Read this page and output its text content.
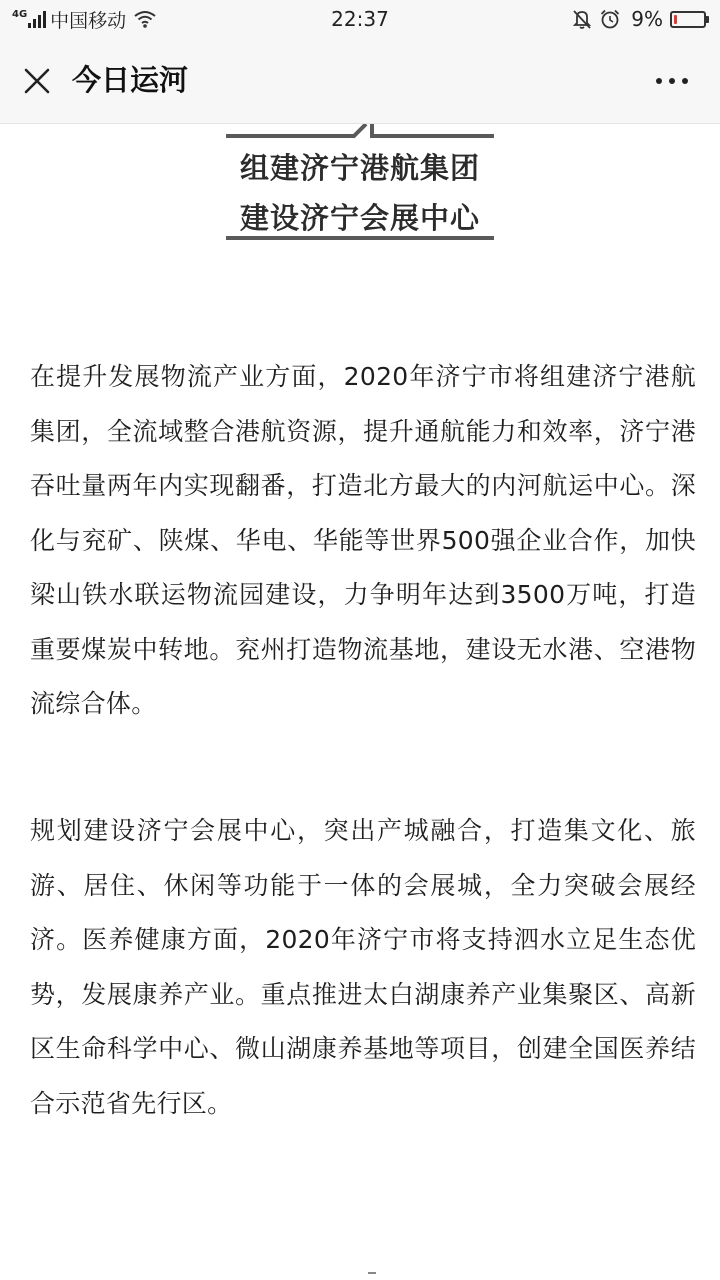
4G 中国移动	22:37	9%
今日运河
组建济宁港航集团
建设济宁会展中心

在提升发展物流产业方面，2020年济宁市将组建济宁港航集团，全流域整合港航资源，提升通航能力和效率，济宁港吞吐量两年内实现翻番，打造北方最大的内河航运中心。深化与兖矿、陕煤、华电、华能等世界500强企业合作，加快梁山铁水联运物流园建设，力争明年达到3500万吨，打造重要煤炭中转地。兖州打造物流基地，建设无水港、空港物流综合体。

规划建设济宁会展中心，突出产城融合，打造集文化、旅游、居住、休闲等功能于一体的会展城，全力突破会展经济。医养健康方面，2020年济宁市将支持泗水立足生态优势，发展康养产业。重点推进太白湖康养产业集聚区、高新区生命科学中心、微山湖康养基地等项目，创建全国医养结合示范省先行区。
